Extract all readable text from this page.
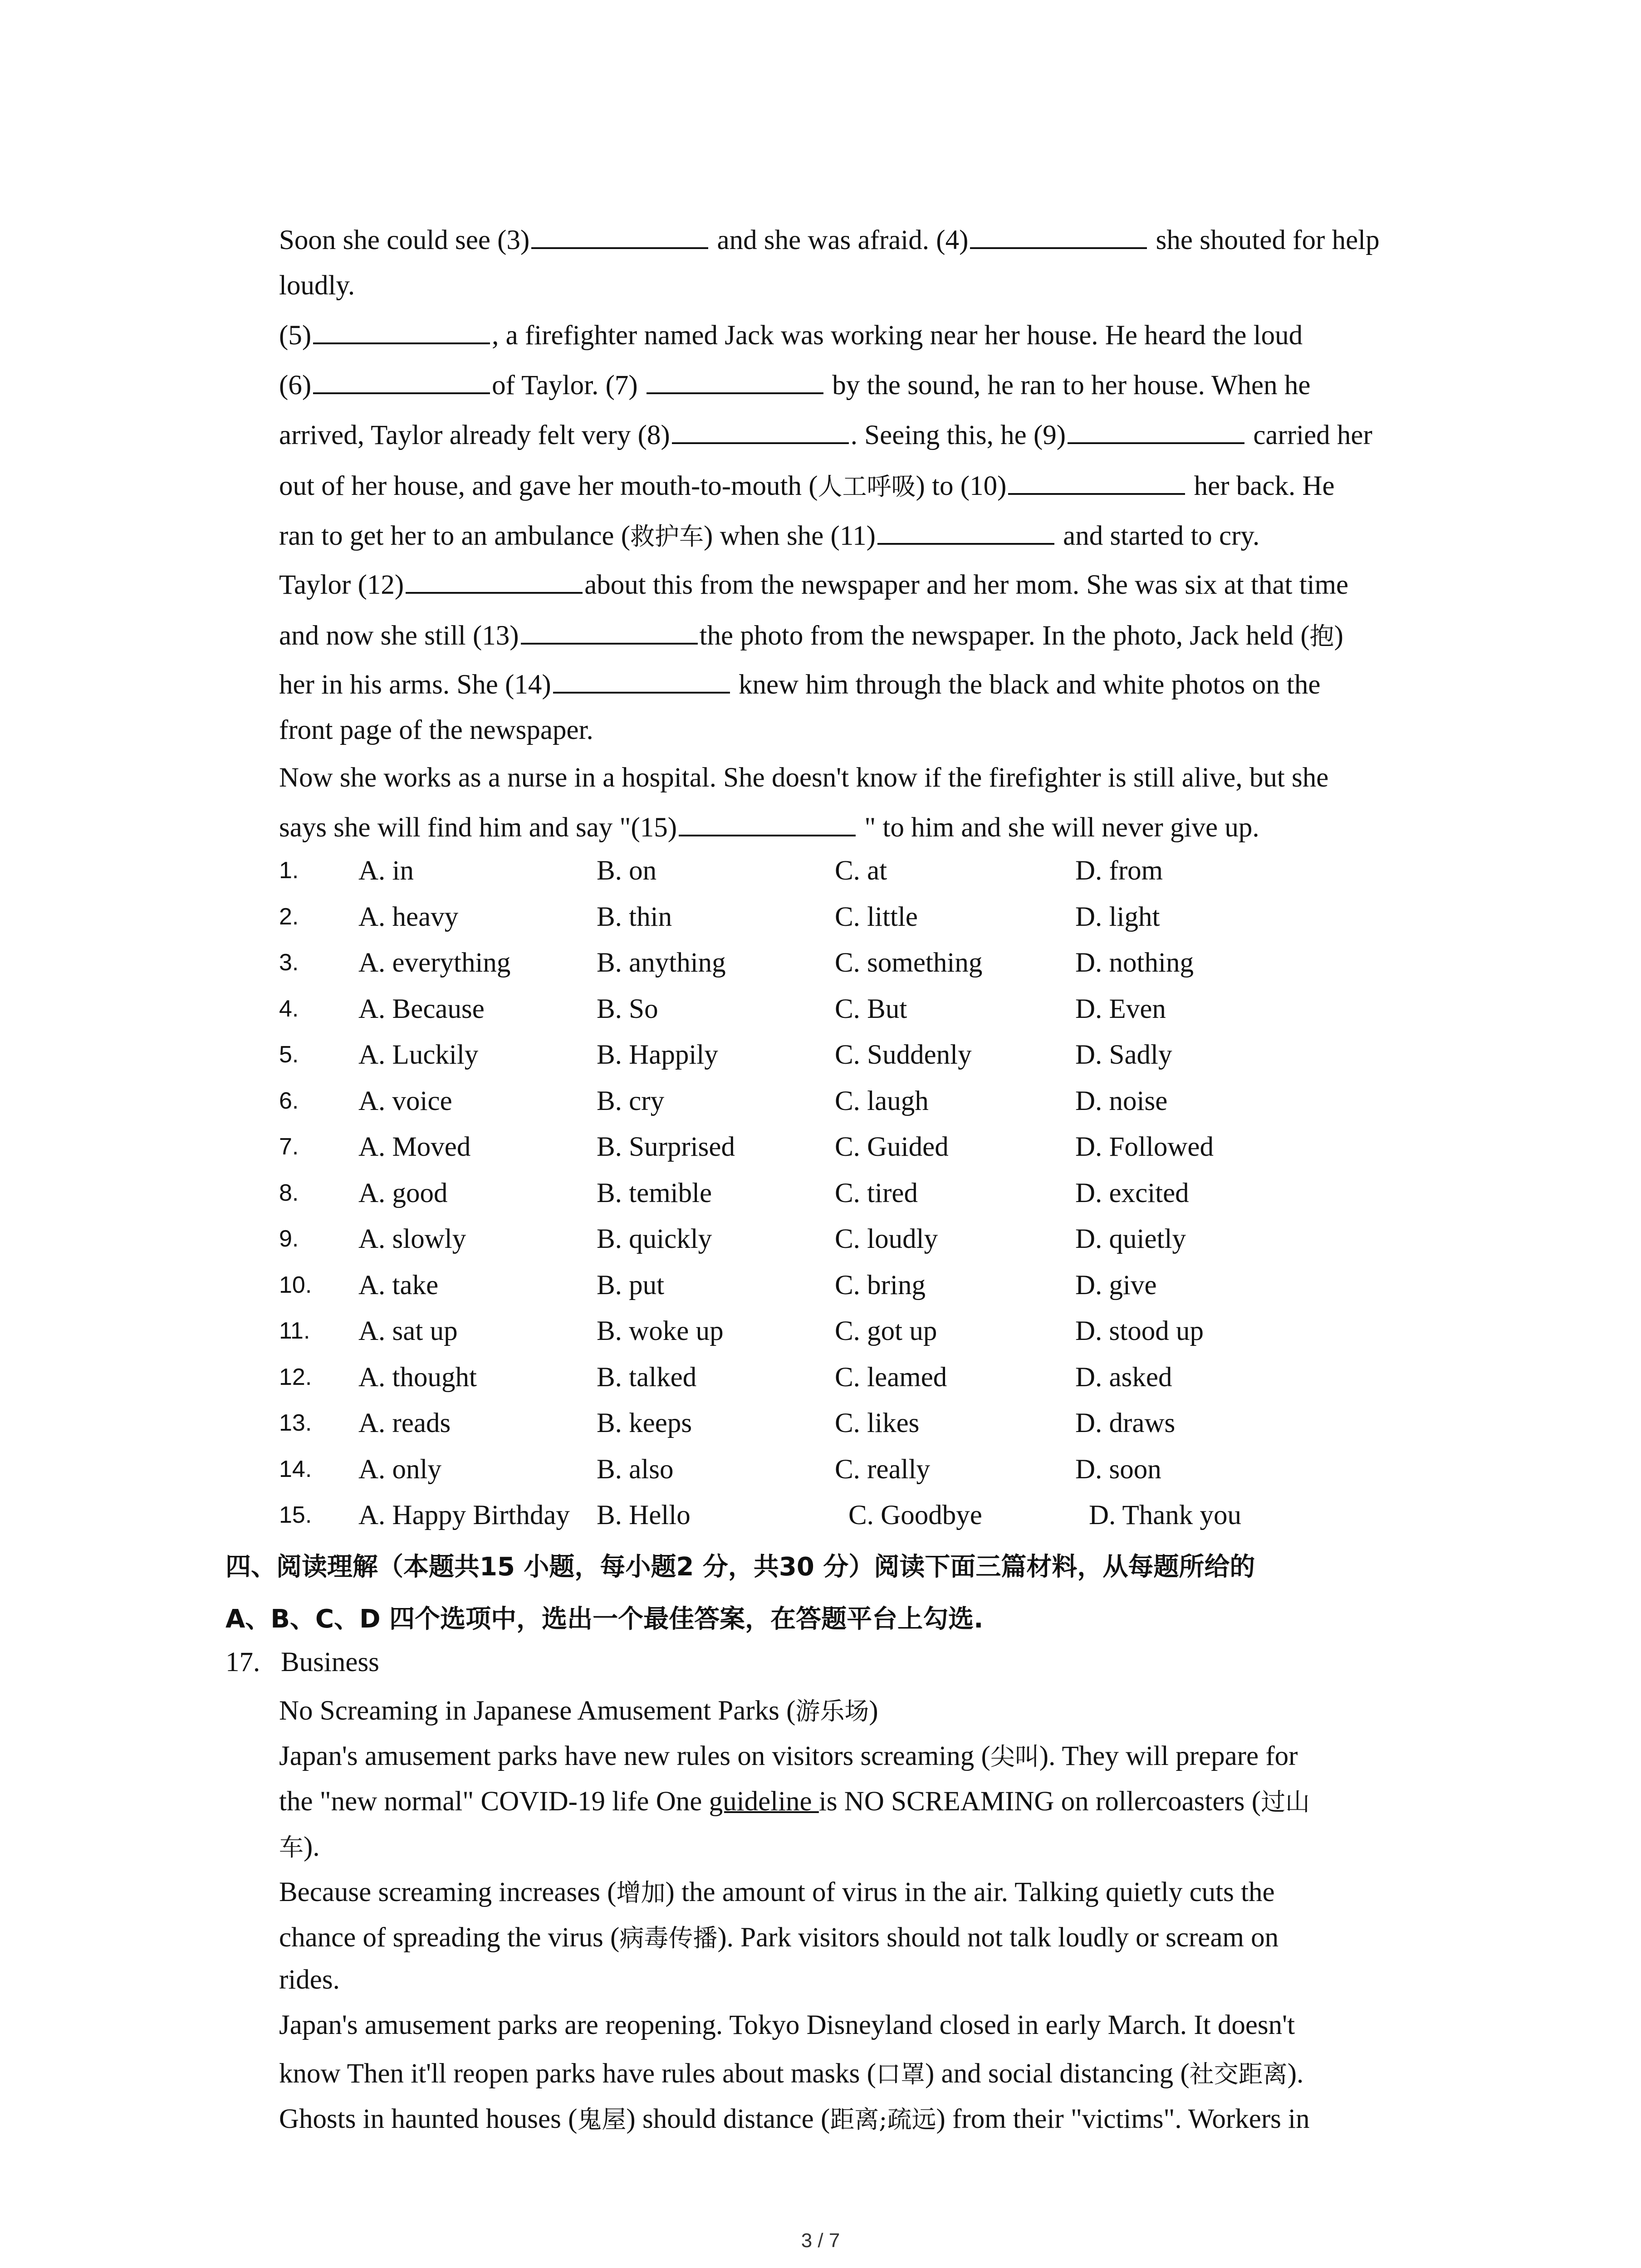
Soon she could see (3)	and she was afraid. (4)	she shouted for help
loudly.
(5)	, a firefighter named Jack was working near her house. He heard the loud
(6)	of Taylor. (7)	by the sound, he ran to her house. When he
arrived, Taylor already felt very (8)	. Seeing this, he (9)	carried her
out of her house, and gave her mouth-to-mouth (人工呼吸) to (10)	her back. He
ran to get her to an ambulance (救护车) when she (11)	and started to cry.
Taylor (12)	about this from the newspaper and her mom. She was six at that time
and now she still (13)	the photo from the newspaper. In the photo, Jack held (抱)
her in his arms. She (14)	knew him through the black and white photos on the
front page of the newspaper.
Now she works as a nurse in a hospital. She doesn't know if the firefighter is still alive, but she
says she will find him and say "(15)	" to him and she will never give up.
1.	A. in	B. on	C. at	D. from
2.	A. heavy	B. thin	C. little	D. light
3.	A. everything	B. anything	C. something	D. nothing
4.	A. Because	B. So	C. But	D. Even
5.	A. Luckily	B. Happily	C. Suddenly	D. Sadly
6.	A. voice	B. cry	C. laugh	D. noise
7.	A. Moved	B. Surprised	C. Guided	D. Followed
8.	A. good	B. temible	C. tired	D. excited
9.	A. slowly	B. quickly	C. loudly	D. quietly
10.	A. take	B. put	C. bring	D. give
11.	A. sat up	B. woke up	C. got up	D. stood up
12.	A. thought	B. talked	C. leamed	D. asked
13.	A. reads	B. keeps	C. likes	D. draws
14.	A. only	B. also	C. really	D. soon
15.	A. Happy Birthday B. Hello	C. Goodbye	D. Thank you
四、阅读理解（本题共15 小题，每小题2 分，共30 分）阅读下面三篇材料，从每题所给的
A、B、C、D 四个选项中，选出一个最佳答案，在答题平台上勾选.
17. Business
No Screaming in Japanese Amusement Parks (游乐场)
Japan's amusement parks have new rules on visitors screaming (尖叫). They will prepare for
the "new normal" COVID-19 life One guideline is NO SCREAMING on rollercoasters (过山
车).
Because screaming increases (增加) the amount of virus in the air. Talking quietly cuts the
chance of spreading the virus (病毒传播). Park visitors should not talk loudly or scream on
rides.
Japan's amusement parks are reopening. Tokyo Disneyland closed in early March. It doesn't
know Then it'll reopen parks have rules about masks (口罩) and social distancing (社交距离).
Ghosts in haunted houses (鬼屋) should distance (距离;疏远) from their "victims". Workers in
3 / 7
